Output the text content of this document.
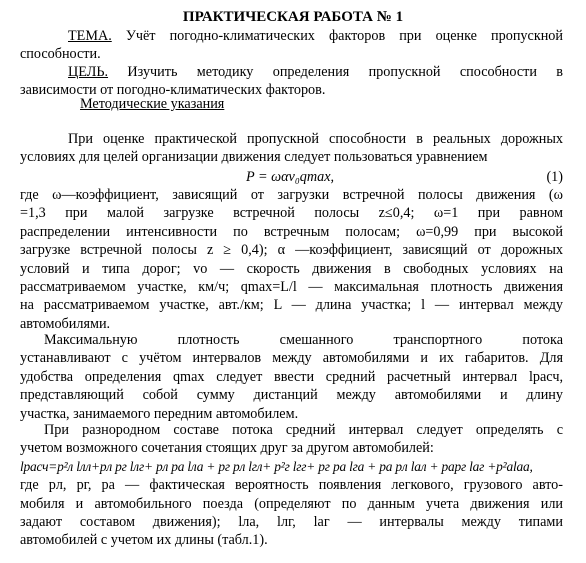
ПРАКТИЧЕСКАЯ РАБОТА № 1
ТЕМА. Учёт погодно-климатических факторов при оценке пропускной
способности.
ЦЕЛЬ. Изучить методику определения пропускной способности в
зависимости от погодно-климатических факторов.
Методические указания
При оценке практической пропускной способности в реальных дорожных
условиях для целей организации движения следует пользоваться уравнением
P = ωαv₀qmax,	(1)
где ω—коэффициент, зависящий от загрузки встречной полосы движения (ω
=1,3 при малой загрузке встречной полосы z≤0,4; ω=1 при равном
распределении интенсивности по встречным полосам; ω=0,99 при высокой
загрузке встречной полосы z ≥ 0,4); α —коэффициент, зависящий от дорожных
условий и типа дорог; vo — скорость движения в свободных условиях на
рассматриваемом участке, км/ч; qmax=L/l — максимальная плотность движения
на рассматриваемом участке, авт./км; L — длина участка; l — интервал между
автомобилями.
Максимальную плотность смешанного транспортного потока
устанавливают с учётом интервалов между автомобилями и их габаритов. Для
удобства определения qmax следует ввести средний расчетный интервал lрасч,
представляющий собой сумму дистанций между автомобилями и длину
участка, занимаемого передним автомобилем.
При разнородном составе потока средний интервал следует определять с
учетом возможного сочетания стоящих друг за другом автомобилей:
lрасч=p²л lлл+pл pг lлг+ pл pа lла + pг pл lгл+ p²г lгг+ pг pа lга + pа pл lал + pаpг lаг +p²аlаа,
где pл, pг, pа — фактическая вероятность появления легкового, грузового авто-
мобиля и автомобильного поезда (определяют по данным учета движения или
задают составом движения); lла, lлг, lаг — интервалы между типами
автомобилей с учетом их длины (табл.1).
